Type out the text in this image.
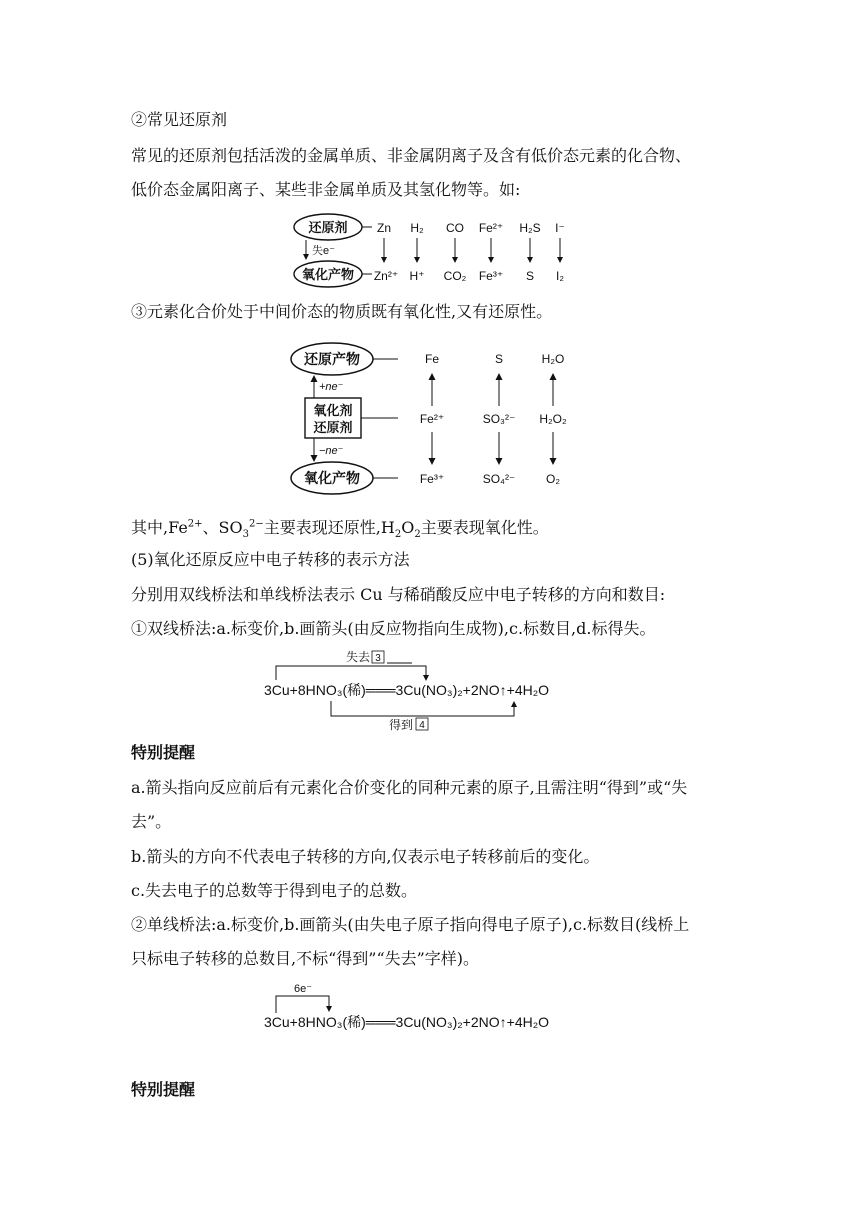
②常见还原剂
常见的还原剂包括活泼的金属单质、非金属阴离子及含有低价态元素的化合物、
低价态金属阳离子、某些非金属单质及其氢化物等。如:
还原剂
氧化产物
失e⁻
Zn H₂ CO Fe²⁺ H₂S I⁻
Zn²⁺ H⁺ CO₂ Fe³⁺ S I₂
③元素化合价处于中间价态的物质既有氧化性,又有还原性。
还原产物
氧化剂
还原剂
氧化产物
+ne⁻
−ne⁻
Fe	S	H₂O
Fe²⁺	SO₃²⁻ H₂O₂
Fe³⁺	SO₄²⁻	O₂
其中$,Fe^{2+}$、$SO_3^{2-}$主要表现还原性$,H_2O_2$主要表现氧化性。
(5)氧化还原反应中电子转移的表示方法
分别用双线桥法和单线桥法表示 Cu 与稀硝酸反应中电子转移的方向和数目:
①双线桥法:a.标变价,b.画箭头(由反应物指向生成物),c.标数目,d.标得失。
失去 3
3Cu+8HNO₃(稀)═══3Cu(NO₃)₂+2NO↑+4H₂O
得到 4
特别提醒
a.箭头指向反应前后有元素化合价变化的同种元素的原子,且需注明“得到”或“失
去”。
b.箭头的方向不代表电子转移的方向,仅表示电子转移前后的变化。
c.失去电子的总数等于得到电子的总数。
②单线桥法:a.标变价,b.画箭头(由失电子原子指向得电子原子),c.标数目(线桥上
只标电子转移的总数目,不标“得到”“失去”字样)。
6e⁻
3Cu+8HNO₃(稀)═══3Cu(NO₃)₂+2NO↑+4H₂O
特别提醒
